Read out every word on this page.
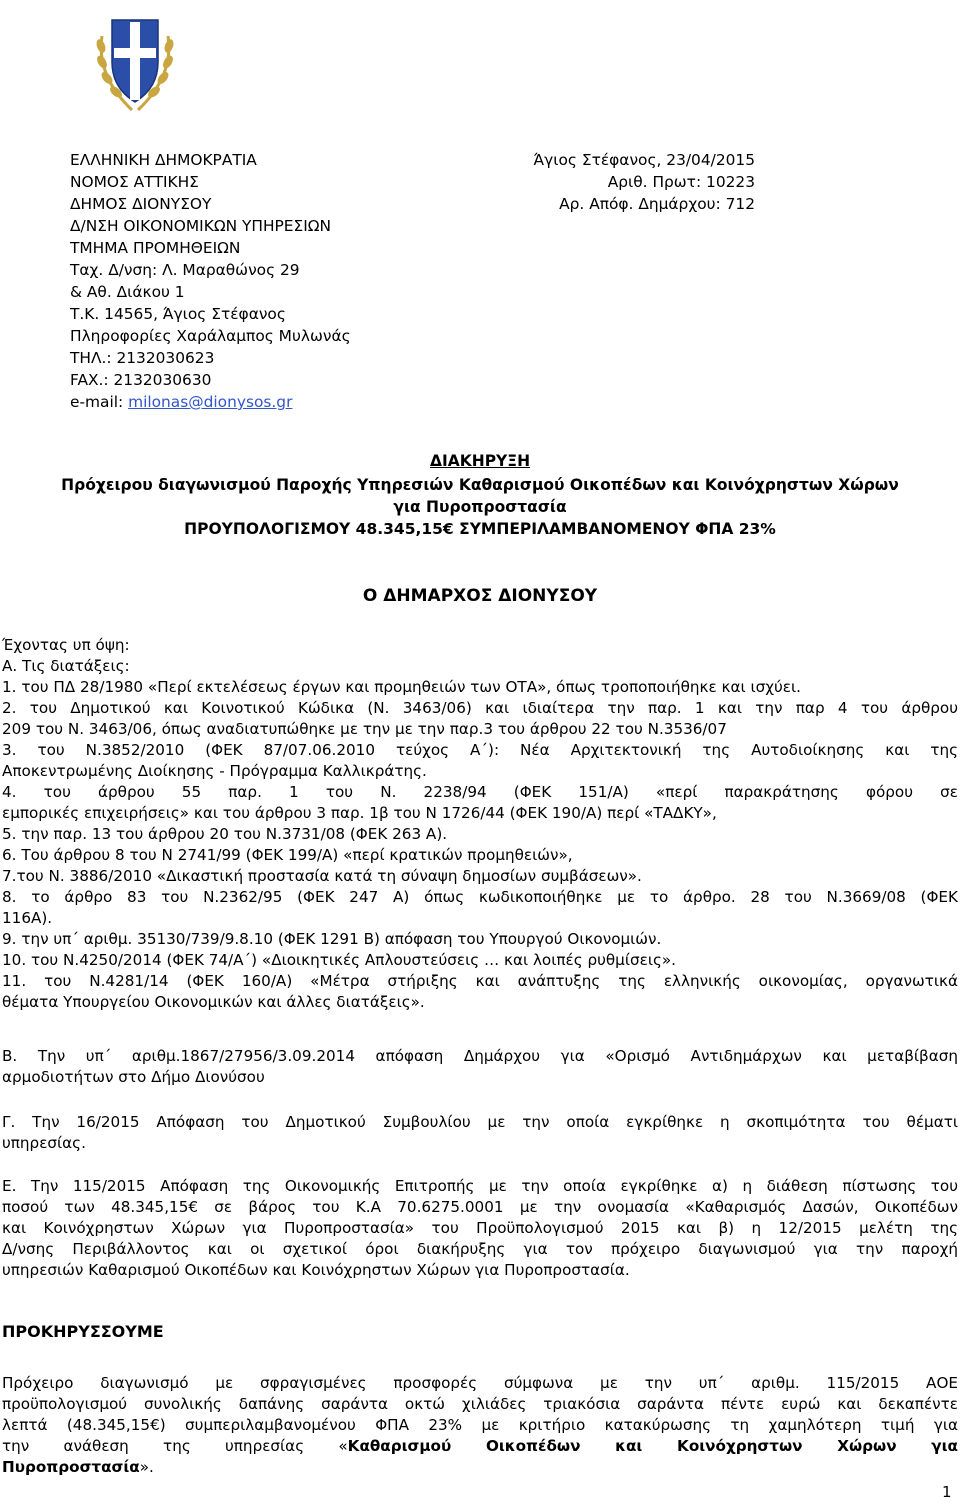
ΕΛΛΗΝΙΚΗ ΔΗΜΟΚΡΑΤΙΑ
ΝΟΜΟΣ ΑΤΤΙΚΗΣ
ΔΗΜΟΣ ΔΙΟΝΥΣΟΥ
Δ/ΝΣΗ ΟΙΚΟΝΟΜΙΚΩΝ ΥΠΗΡΕΣΙΩΝ
ΤΜΗΜΑ ΠΡΟΜΗΘΕΙΩΝ
Ταχ. Δ/νση: Λ. Μαραθώνος 29
& Αθ. Διάκου 1
Τ.Κ. 14565, Άγιος Στέφανος
Πληροφορίες Χαράλαμπος Μυλωνάς
ΤΗΛ.: 2132030623
FAX.: 2132030630
e-mail: milonas@dionysos.gr
Άγιος Στέφανος, 23/04/2015
Αριθ. Πρωτ: 10223
Αρ. Απόφ. Δημάρχου: 712
ΔΙΑΚΗΡΥΞΗ
Πρόχειρου διαγωνισμού Παροχής Υπηρεσιών Καθαρισμού Οικοπέδων και Κοινόχρηστων Χώρων
για Πυροπροστασία
ΠΡΟΥΠΟΛΟΓΙΣΜΟΥ 48.345,15€ ΣΥΜΠΕΡΙΛΑΜΒΑΝΟΜΕΝΟΥ ΦΠΑ 23%
Ο ΔΗΜΑΡΧΟΣ ΔΙΟΝΥΣΟΥ

Έχοντας υπ όψη:

Α. Τις διατάξεις:

1. του ΠΔ 28/1980 «Περί εκτελέσεως έργων και προμηθειών των ΟΤΑ», όπως τροποποιήθηκε και ισχύει.

2. του Δημοτικού και Κοινοτικού Κώδικα (Ν. 3463/06) και ιδιαίτερα την παρ. 1 και την παρ 4 του άρθρου

209 του Ν. 3463/06, όπως αναδιατυπώθηκε με την με την παρ.3 του άρθρου 22 του Ν.3536/07

3. του Ν.3852/2010 (ΦΕΚ 87/07.06.2010 τεύχος Α΄): Νέα Αρχιτεκτονική της Αυτοδιοίκησης και της

Αποκεντρωμένης Διοίκησης - Πρόγραμμα Καλλικράτης.

4. του άρθρου 55 παρ. 1 του Ν. 2238/94 (ΦΕΚ 151/Α) «περί παρακράτησης φόρου σε

εμπορικές επιχειρήσεις» και του άρθρου 3 παρ. 1β του Ν 1726/44 (ΦΕΚ 190/Α) περί «ΤΑΔΚΥ»,

5. την παρ. 13 του άρθρου 20 του Ν.3731/08 (ΦΕΚ 263 Α).

6. Του άρθρου 8 του Ν 2741/99 (ΦΕΚ 199/Α) «περί κρατικών προμηθειών»,

7.του Ν. 3886/2010 «Δικαστική προστασία κατά τη σύναψη δημοσίων συμβάσεων».

8. το άρθρο 83 του Ν.2362/95 (ΦΕΚ 247 Α) όπως κωδικοποιήθηκε με το άρθρο. 28 του Ν.3669/08 (ΦΕΚ

116Α).

9. την υπ΄ αριθμ. 35130/739/9.8.10 (ΦΕΚ 1291 Β) απόφαση του Υπουργού Οικονομιών.

10. του Ν.4250/2014 (ΦΕΚ 74/Α΄) «Διοικητικές Απλουστεύσεις … και λοιπές ρυθμίσεις».

11. του Ν.4281/14 (ΦΕΚ 160/Α) «Μέτρα στήριξης και ανάπτυξης της ελληνικής οικονομίας, οργανωτικά

θέματα Υπουργείου Οικονομικών και άλλες διατάξεις».

Β. Την υπ΄ αριθμ.1867/27956/3.09.2014 απόφαση Δημάρχου για «Ορισμό Αντιδημάρχων και μεταβίβαση

αρμοδιοτήτων στο Δήμο Διονύσου

Γ. Την 16/2015 Απόφαση του Δημοτικού Συμβουλίου με την οποία εγκρίθηκε η σκοπιμότητα του θέματι

υπηρεσίας.

Ε. Την 115/2015 Απόφαση της Οικονομικής Επιτροπής με την οποία εγκρίθηκε α) η διάθεση πίστωσης του

ποσού των 48.345,15€ σε βάρος του Κ.Α 70.6275.0001 με την ονομασία «Καθαρισμός Δασών, Οικοπέδων

και Κοινόχρηστων Χώρων για Πυροπροστασία» του Προϋπολογισμού 2015 και β) η 12/2015 μελέτη της

Δ/νσης Περιβάλλοντος και οι σχετικοί όροι διακήρυξης για τον πρόχειρο διαγωνισμού για την παροχή

υπηρεσιών Καθαρισμού Οικοπέδων και Κοινόχρηστων Χώρων για Πυροπροστασία.

ΠΡΟΚΗΡΥΣΣΟΥΜΕ

Πρόχειρο διαγωνισμό με σφραγισμένες προσφορές σύμφωνα με την υπ΄ αριθμ. 115/2015 ΑΟΕ

προϋπολογισμού συνολικής δαπάνης σαράντα οκτώ χιλιάδες τριακόσια σαράντα πέντε ευρώ και δεκαπέντε

λεπτά (48.345,15€) συμπεριλαμβανομένου ΦΠΑ 23% με κριτήριο κατακύρωσης τη χαμηλότερη τιμή για

την ανάθεση της υπηρεσίας «Καθαρισμού Οικοπέδων και Κοινόχρηστων Χώρων για

Πυροπροστασία».

1
